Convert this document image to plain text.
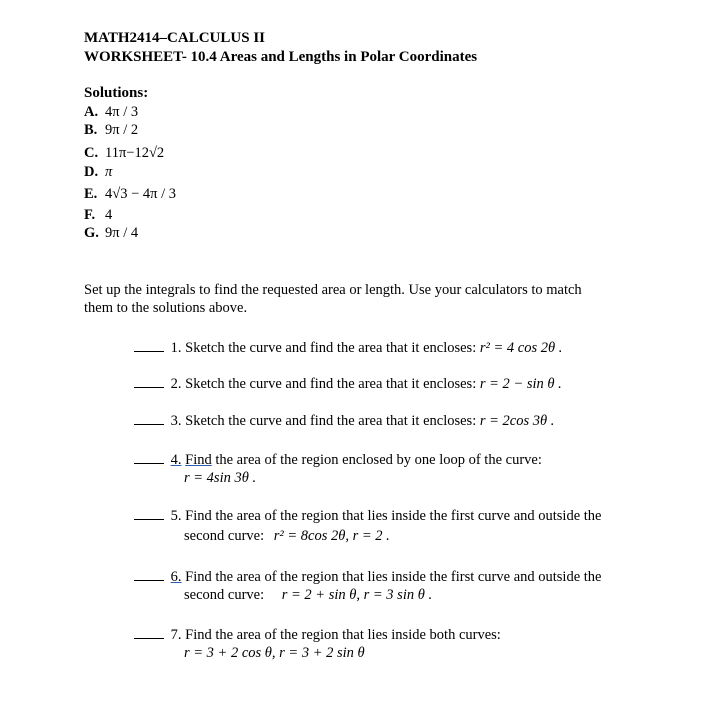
MATH2414–CALCULUS II
WORKSHEET- 10.4 Areas and Lengths in Polar Coordinates
Solutions:
A. 4π / 3
B. 9π / 2
C. 11π−12√2
D. π
E. 4√3 − 4π / 3
F. 4
G. 9π / 4
Set up the integrals to find the requested area or length. Use your calculators to match
them to the solutions above.
1. Sketch the curve and find the area that it encloses: r² = 4 cos 2θ .
2. Sketch the curve and find the area that it encloses: r = 2 − sin θ .
3. Sketch the curve and find the area that it encloses: r = 2cos 3θ .
4. Find the area of the region enclosed by one loop of the curve:
r = 4sin 3θ .
5. Find the area of the region that lies inside the first curve and outside the
second curve: r² = 8cos 2θ, r = 2 .
6. Find the area of the region that lies inside the first curve and outside the
second curve: r = 2 + sin θ, r = 3 sin θ .
7. Find the area of the region that lies inside both curves:
r = 3 + 2 cos θ, r = 3 + 2 sin θ
